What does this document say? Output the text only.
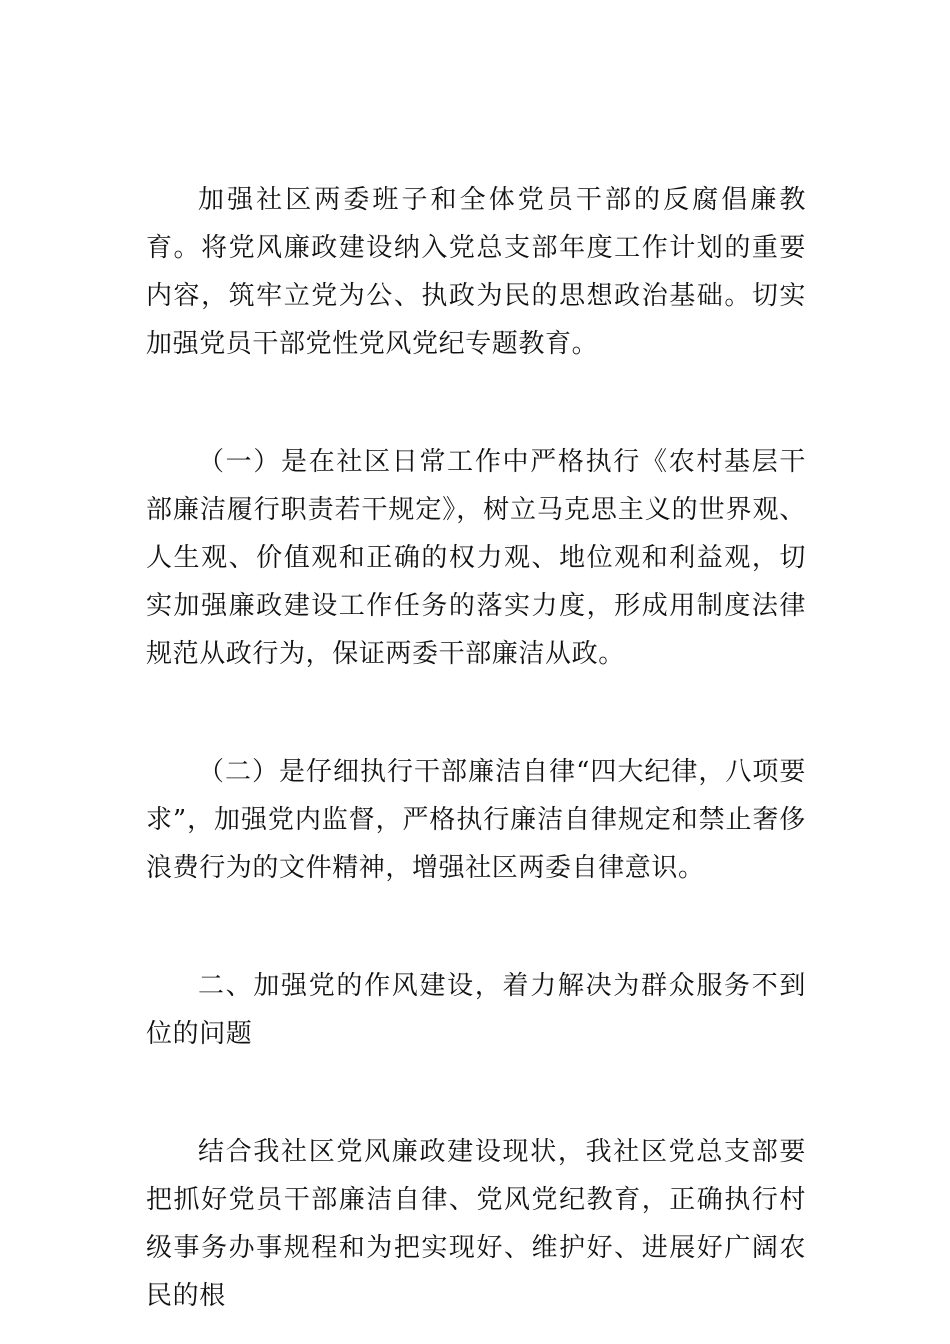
加强社区两委班子和全体党员干部的反腐倡廉教育。将党风廉政建设纳入党总支部年度工作计划的重要内容，筑牢立党为公、执政为民的思想政治基础。切实加强党员干部党性党风党纪专题教育。

（一）是在社区日常工作中严格执行《农村基层干部廉洁履行职责若干规定》，树立马克思主义的世界观、人生观、价值观和正确的权力观、地位观和利益观，切实加强廉政建设工作任务的落实力度，形成用制度法律规范从政行为，保证两委干部廉洁从政。

（二）是仔细执行干部廉洁自律“四大纪律，八项要求”，加强党内监督，严格执行廉洁自律规定和禁止奢侈浪费行为的文件精神，增强社区两委自律意识。

二、加强党的作风建设，着力解决为群众服务不到位的问题

结合我社区党风廉政建设现状，我社区党总支部要把抓好党员干部廉洁自律、党风党纪教育，正确执行村级事务办事规程和为把实现好、维护好、进展好广阔农民的根
